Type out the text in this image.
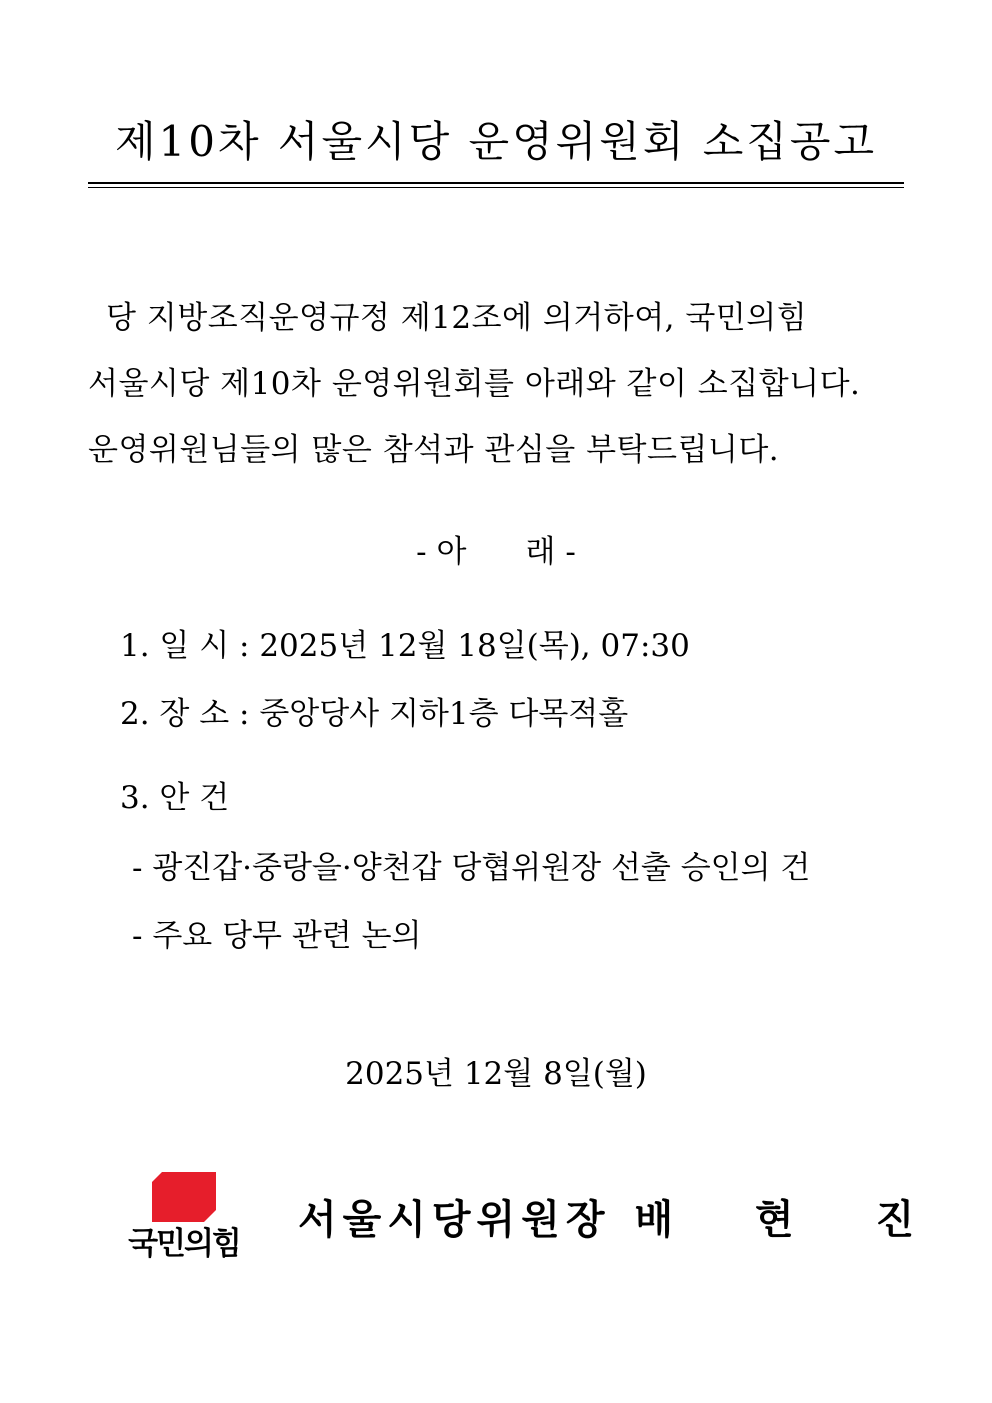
제10차 서울시당 운영위원회 소집공고
당 지방조직운영규정 제12조에 의거하여, 국민의힘
서울시당 제10차 운영위원회를 아래와 같이 소집합니다.
운영위원님들의 많은 참석과 관심을 부탁드립니다.
- 아      래 -
1. 일 시 : 2025년 12월 18일(목), 07:30
2. 장 소 : 중앙당사 지하1층 다목적홀
3. 안 건
- 광진갑·중랑을·양천갑 당협위원장 선출 승인의 건
- 주요 당무 관련 논의
2025년 12월 8일(월)
국민의힘
서울시당위원장 배 현 진
